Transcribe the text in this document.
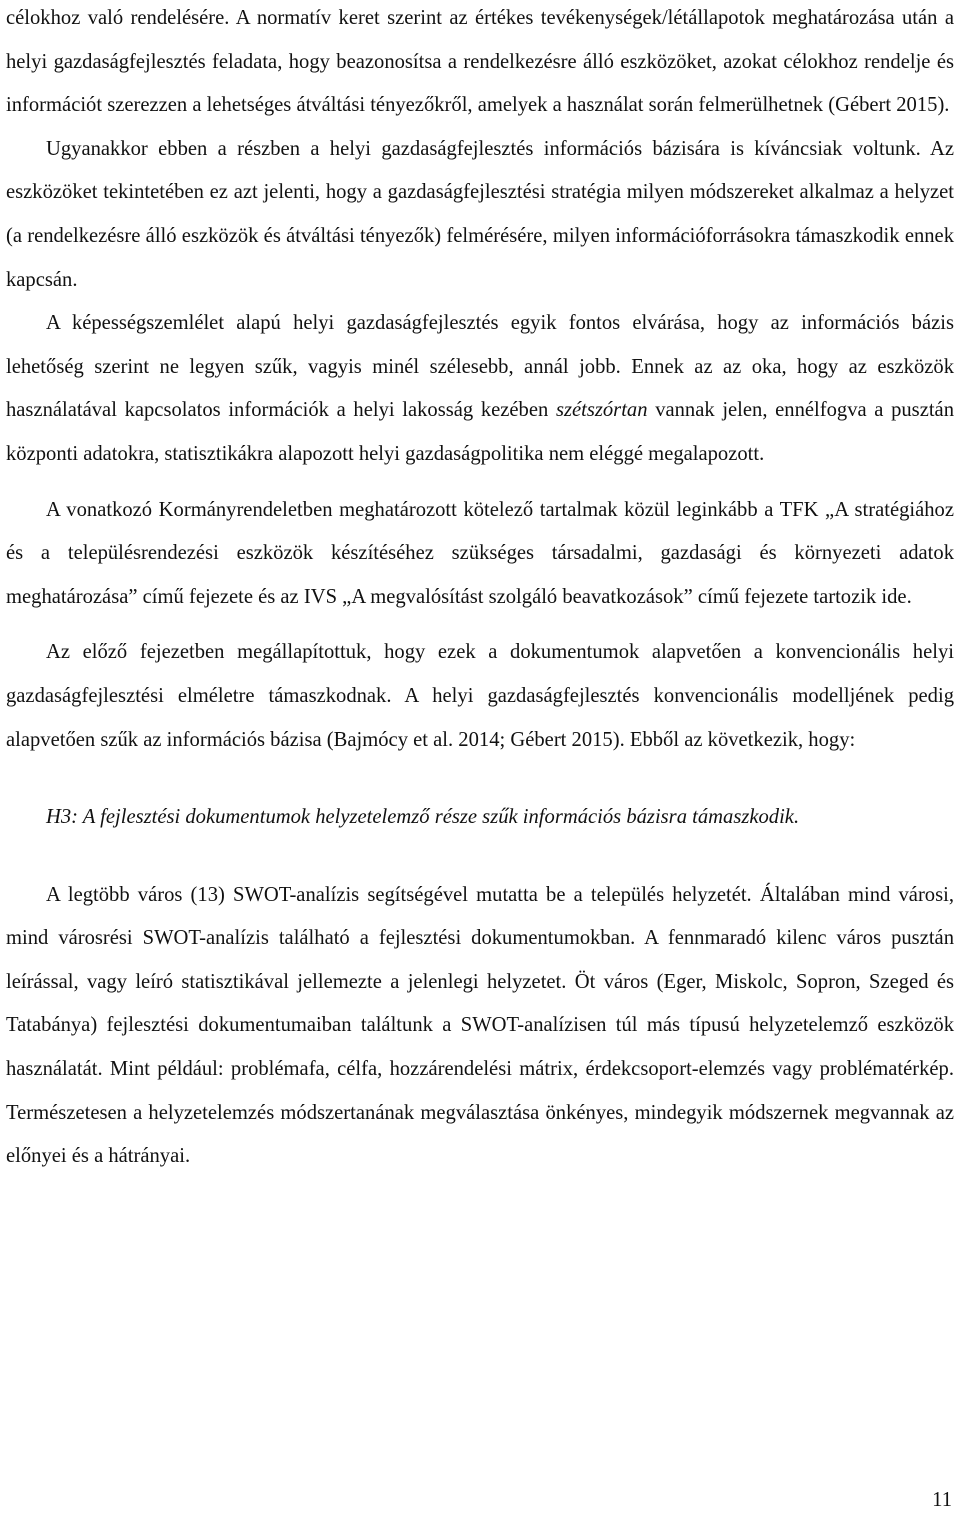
célokhoz való rendelésére. A normatív keret szerint az értékes tevékenységek/létállapotok meghatározása után a helyi gazdaságfejlesztés feladata, hogy beazonosítsa a rendelkezésre álló eszközöket, azokat célokhoz rendelje és információt szerezzen a lehetséges átváltási tényezőkről, amelyek a használat során felmerülhetnek (Gébert 2015).

Ugyanakkor ebben a részben a helyi gazdaságfejlesztés információs bázisára is kíváncsiak voltunk. Az eszközöket tekintetében ez azt jelenti, hogy a gazdaságfejlesztési stratégia milyen módszereket alkalmaz a helyzet (a rendelkezésre álló eszközök és átváltási tényezők) felmérésére, milyen információforrásokra támaszkodik ennek kapcsán.

A képességszemlélet alapú helyi gazdaságfejlesztés egyik fontos elvárása, hogy az információs bázis lehetőség szerint ne legyen szűk, vagyis minél szélesebb, annál jobb. Ennek az az oka, hogy az eszközök használatával kapcsolatos információk a helyi lakosság kezében szétszórtan vannak jelen, ennélfogva a pusztán központi adatokra, statisztikákra alapozott helyi gazdaságpolitika nem eléggé megalapozott.

A vonatkozó Kormányrendeletben meghatározott kötelező tartalmak közül leginkább a TFK „A stratégiához és a településrendezési eszközök készítéséhez szükséges társadalmi, gazdasági és környezeti adatok meghatározása” című fejezete és az IVS „A megvalósítást szolgáló beavatkozások” című fejezete tartozik ide.

Az előző fejezetben megállapítottuk, hogy ezek a dokumentumok alapvetően a konvencionális helyi gazdaságfejlesztési elméletre támaszkodnak. A helyi gazdaságfejlesztés konvencionális modelljének pedig alapvetően szűk az információs bázisa (Bajmócy et al. 2014; Gébert 2015). Ebből az következik, hogy:

H3: A fejlesztési dokumentumok helyzetelemző része szűk információs bázisra támaszkodik.

A legtöbb város (13) SWOT-analízis segítségével mutatta be a település helyzetét. Általában mind városi, mind városrési SWOT-analízis található a fejlesztési dokumentumokban. A fennmaradó kilenc város pusztán leírással, vagy leíró statisztikával jellemezte a jelenlegi helyzetet. Öt város (Eger, Miskolc, Sopron, Szeged és Tatabánya) fejlesztési dokumentumaiban találtunk a SWOT-analízisen túl más típusú helyzetelemző eszközök használatát. Mint például: problémafa, célfa, hozzárendelési mátrix, érdekcsoport-elemzés vagy problématérkép. Természetesen a helyzetelemzés módszertanának megválasztása önkényes, mindegyik módszernek megvannak az előnyei és a hátrányai.

11
